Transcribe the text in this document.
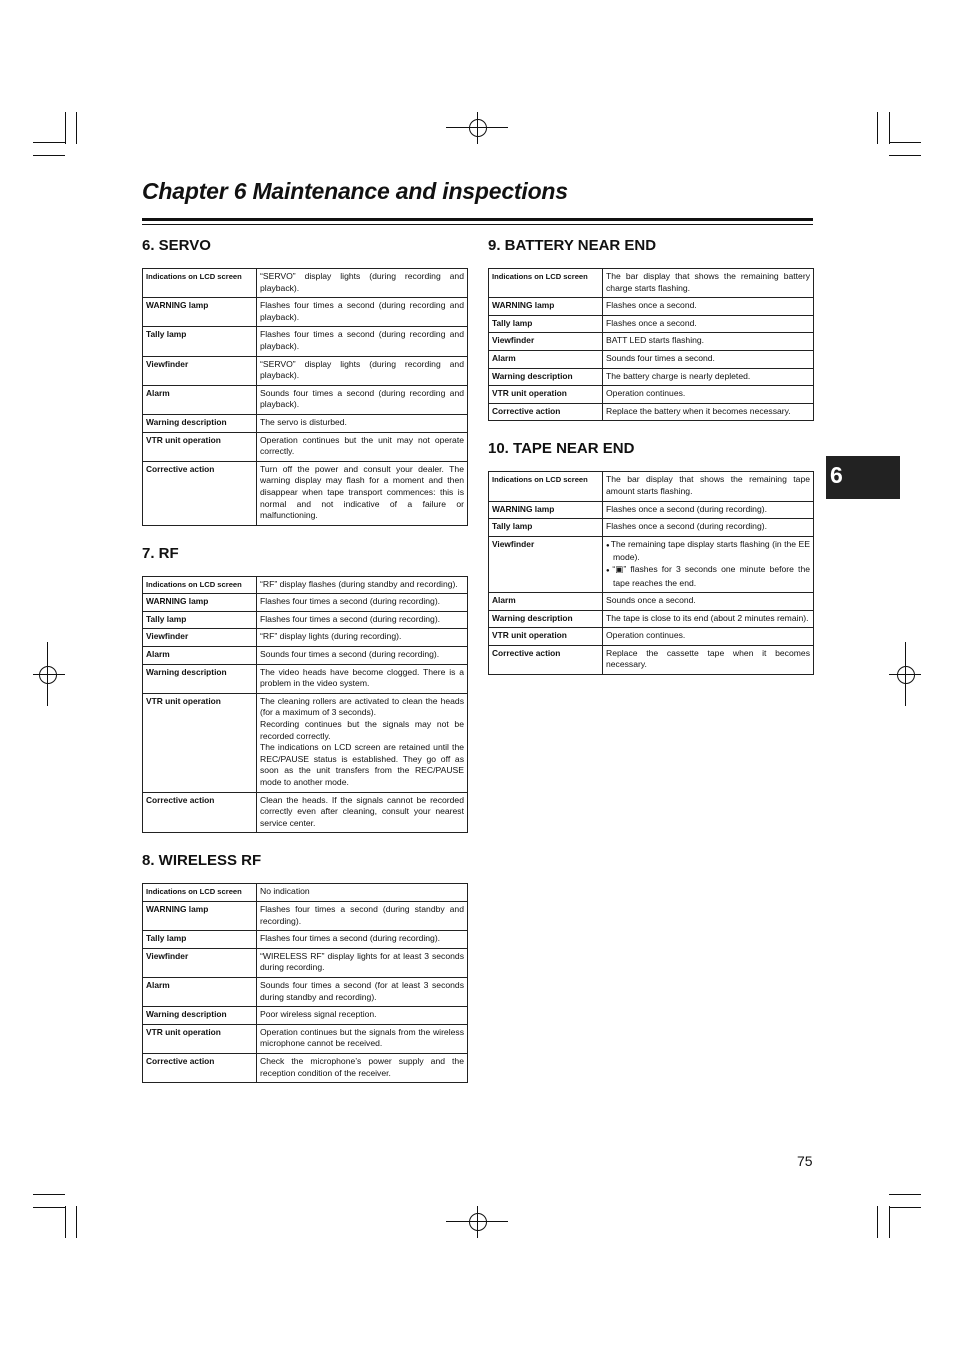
Chapter 6 Maintenance and inspections
6. SERVO
Indications on LCD screen	“SERVO” display lights (during recording and playback).
WARNING lamp	Flashes four times a second (during recording and playback).
Tally lamp	Flashes four times a second (during recording and playback).
Viewfinder	“SERVO” display lights (during recording and playback).
Alarm	Sounds four times a second (during recording and playback).
Warning description	The servo is disturbed.
VTR unit operation	Operation continues but the unit may not operate correctly.
Corrective action	Turn off the power and consult your dealer. The warning display may flash for a moment and then disappear when tape transport commences: this is normal and not indicative of a failure or malfunctioning.
7. RF
Indications on LCD screen	“RF” display flashes (during standby and recording).
WARNING lamp	Flashes four times a second (during recording).
Tally lamp	Flashes four times a second (during recording).
Viewfinder	“RF” display lights (during recording).
Alarm	Sounds four times a second (during recording).
Warning description	The video heads have become clogged. There is a problem in the video system.
VTR unit operation	The cleaning rollers are activated to clean the heads (for a maximum of 3 seconds).
Recording continues but the signals may not be recorded correctly.
The indications on LCD screen are retained until the REC/PAUSE status is established. They go off as soon as the unit transfers from the REC/PAUSE mode to another mode.
Corrective action	Clean the heads. If the signals cannot be recorded correctly even after cleaning, consult your nearest service center.
8. WIRELESS RF
Indications on LCD screen	No indication
WARNING lamp	Flashes four times a second (during standby and recording).
Tally lamp	Flashes four times a second (during recording).
Viewfinder	“WIRELESS RF” display lights for at least 3 seconds during recording.
Alarm	Sounds four times a second (for at least 3 seconds during standby and recording).
Warning description	Poor wireless signal reception.
VTR unit operation	Operation continues but the signals from the wireless microphone cannot be received.
Corrective action	Check the microphone’s power supply and the reception condition of the receiver.
9. BATTERY NEAR END
Indications on LCD screen	The bar display that shows the remaining battery charge starts flashing.
WARNING lamp	Flashes once a second.
Tally lamp	Flashes once a second.
Viewfinder	BATT LED starts flashing.
Alarm	Sounds four times a second.
Warning description	The battery charge is nearly depleted.
VTR unit operation	Operation continues.
Corrective action	Replace the battery when it becomes necessary.
10. TAPE NEAR END
Indications on LCD screen	The bar display that shows the remaining tape amount starts flashing.
WARNING lamp	Flashes once a second (during recording).
Tally lamp	Flashes once a second (during recording).
Viewfinder	●The remaining tape display starts flashing (in the EE mode).
●“▣” flashes for 3 seconds one minute before the tape reaches the end.

Alarm	Sounds once a second.
Warning description	The tape is close to its end (about 2 minutes remain).
VTR unit operation	Operation continues.
Corrective action	Replace the cassette tape when it becomes necessary.
6
75
